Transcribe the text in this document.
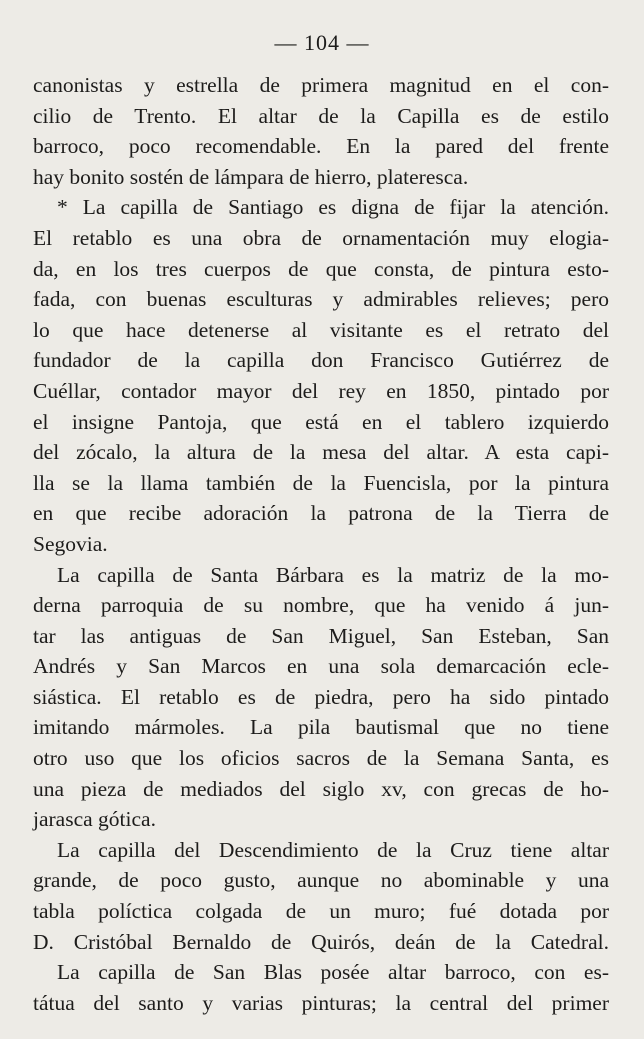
— 104 —
canonistas y estrella de primera magnitud en el con-
cilio de Trento. El altar de la Capilla es de estilo
barroco, poco recomendable. En la pared del frente
hay bonito sostén de lámpara de hierro, plateresca.
* La capilla de Santiago es digna de fijar la atención.
El retablo es una obra de ornamentación muy elogia-
da, en los tres cuerpos de que consta, de pintura esto-
fada, con buenas esculturas y admirables relieves; pero
lo que hace detenerse al visitante es el retrato del
fundador de la capilla don Francisco Gutiérrez de
Cuéllar, contador mayor del rey en 1850, pintado por
el insigne Pantoja, que está en el tablero izquierdo
del zócalo, la altura de la mesa del altar. A esta capi-
lla se la llama también de la Fuencisla, por la pintura
en que recibe adoración la patrona de la Tierra de
Segovia.
La capilla de Santa Bárbara es la matriz de la mo-
derna parroquia de su nombre, que ha venido á jun-
tar las antiguas de San Miguel, San Esteban, San
Andrés y San Marcos en una sola demarcación ecle-
siástica. El retablo es de piedra, pero ha sido pintado
imitando mármoles. La pila bautismal que no tiene
otro uso que los oficios sacros de la Semana Santa, es
una pieza de mediados del siglo xv, con grecas de ho-
jarasca gótica.
La capilla del Descendimiento de la Cruz tiene altar
grande, de poco gusto, aunque no abominable y una
tabla políctica colgada de un muro; fué dotada por
D. Cristóbal Bernaldo de Quirós, deán de la Catedral.
La capilla de San Blas posée altar barroco, con es-
tátua del santo y varias pinturas; la central del primer
